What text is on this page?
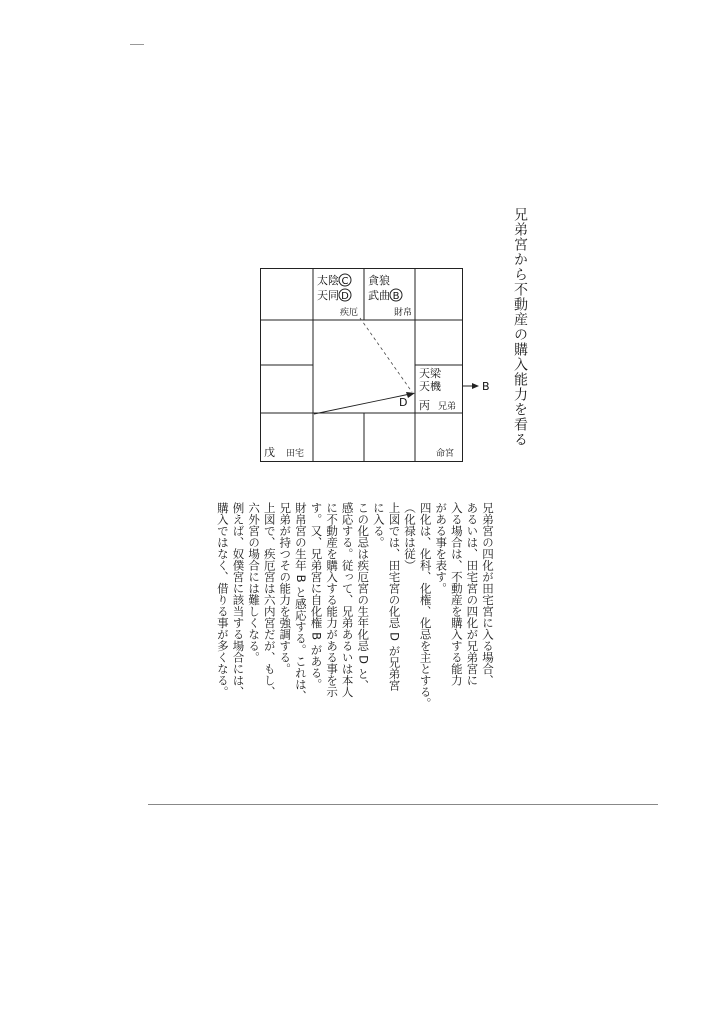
兄弟宮から不動産の購入能力を看る
太陰 C
天同 D
疾厄
貪狼
武曲 B
財帛
天梁
天機
丙 兄弟
戊 田宅	命宮
D
B

兄弟宮の四化が田宅宮に入る場合、

あるいは、田宅宮の四化が兄弟宮に

入る場合は、不動産を購入する能力

がある事を表す。

四化は、化科、化権、化忌を主とする。

（化禄は従）

上図では、田宅宮の化忌 D が兄弟宮

に入る。

この化忌は疾厄宮の生年化忌 D と、

感応する。従って、兄弟あるいは本人

に不動産を購入する能力がある事を示

す。又、兄弟宮に自化権 B がある。

財帛宮の生年 B と感応する。これは、

兄弟が持つその能力を強調する。

上図で、疾厄宮は六内宮だが、もし、

六外宮の場合には難しくなる。

例えば、奴僕宮に該当する場合には、

購入ではなく、借りる事が多くなる。
